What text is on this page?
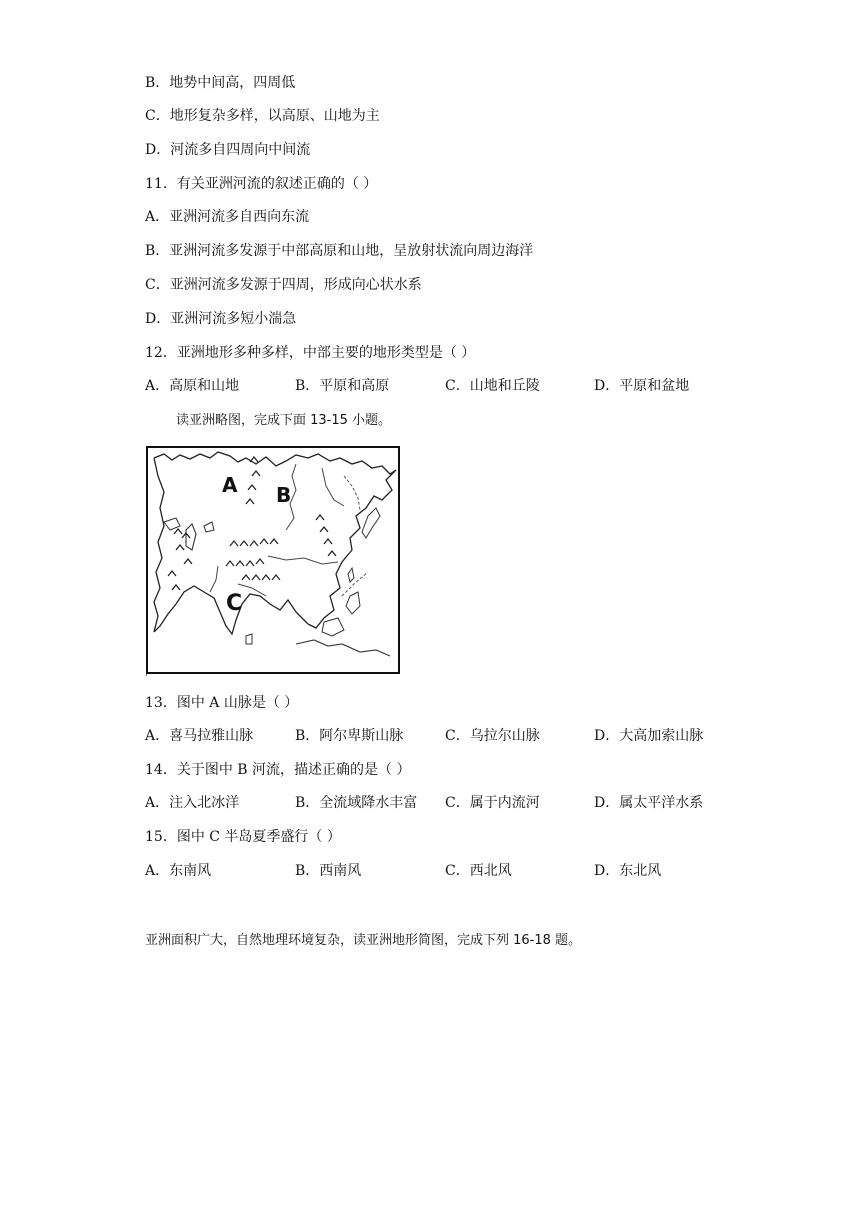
B．地势中间高，四周低
C．地形复杂多样，以高原、山地为主
D．河流多自四周向中间流
11．有关亚洲河流的叙述正确的（ ）
A．亚洲河流多自西向东流
B．亚洲河流多发源于中部高原和山地，呈放射状流向周边海洋
C．亚洲河流多发源于四周，形成向心状水系
D．亚洲河流多短小湍急
12．亚洲地形多种多样，中部主要的地形类型是（ ）
A．高原和山地	B．平原和高原	C．山地和丘陵	D．平原和盆地
读亚洲略图，完成下面 13-15 小题。
A B
C
13．图中 A 山脉是（ ）
A．喜马拉雅山脉	B．阿尔卑斯山脉	C．乌拉尔山脉	D．大高加索山脉
14．关于图中 B 河流，描述正确的是（ ）
A．注入北冰洋	B．全流域降水丰富 C．属于内流河	D．属太平洋水系
15．图中 C 半岛夏季盛行（ ）
A．东南风	B．西南风	C．西北风	D．东北风
亚洲面积广大，自然地理环境复杂，读亚洲地形简图，完成下列 16-18 题。
